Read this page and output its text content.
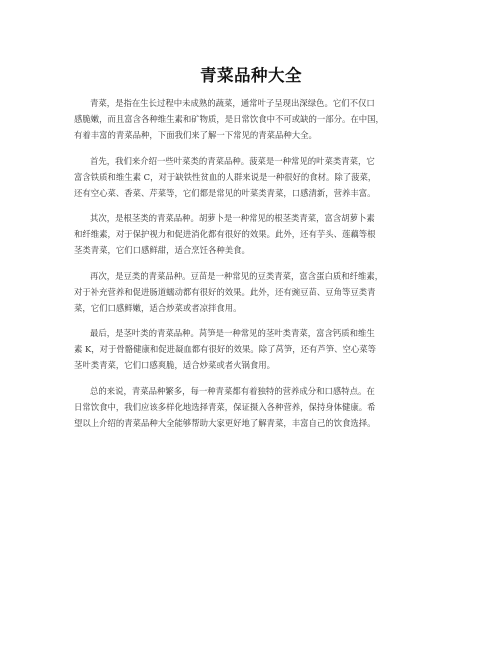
青菜品种大全
青菜，是指在生长过程中未成熟的蔬菜，通常叶子呈现出深绿色。它们不仅口
感脆嫩，而且富含各种维生素和矿物质，是日常饮食中不可或缺的一部分。在中国，
有着丰富的青菜品种，下面我们来了解一下常见的青菜品种大全。
首先，我们来介绍一些叶菜类的青菜品种。菠菜是一种常见的叶菜类青菜，它
富含铁质和维生素 C，对于缺铁性贫血的人群来说是一种很好的食材。除了菠菜，
还有空心菜、香菜、芹菜等，它们都是常见的叶菜类青菜，口感清新，营养丰富。
其次，是根茎类的青菜品种。胡萝卜是一种常见的根茎类青菜，富含胡萝卜素
和纤维素，对于保护视力和促进消化都有很好的效果。此外，还有芋头、莲藕等根
茎类青菜，它们口感鲜甜，适合烹饪各种美食。
再次，是豆类的青菜品种。豆苗是一种常见的豆类青菜，富含蛋白质和纤维素，
对于补充营养和促进肠道蠕动都有很好的效果。此外，还有豌豆苗、豆角等豆类青
菜，它们口感鲜嫩，适合炒菜或者凉拌食用。
最后，是茎叶类的青菜品种。莴笋是一种常见的茎叶类青菜，富含钙质和维生
素 K，对于骨骼健康和促进凝血都有很好的效果。除了莴笋，还有芦笋、空心菜等
茎叶类青菜，它们口感爽脆，适合炒菜或者火锅食用。
总的来说，青菜品种繁多，每一种青菜都有着独特的营养成分和口感特点。在
日常饮食中，我们应该多样化地选择青菜，保证摄入各种营养，保持身体健康。希
望以上介绍的青菜品种大全能够帮助大家更好地了解青菜，丰富自己的饮食选择。
